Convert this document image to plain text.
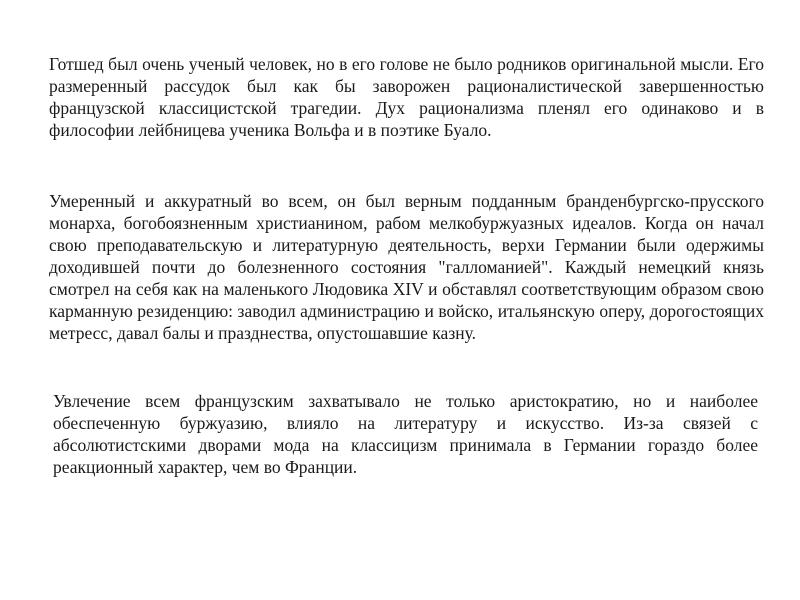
Готшед был очень ученый человек, но в его голове не было родников оригинальной мысли. Его размеренный рассудок был как бы заворожен рационалистической завершенностью французской классицистской трагедии. Дух рационализма пленял его одинаково и в философии лейбницева ученика Вольфа и в поэтике Буало.

Умеренный и аккуратный во всем, он был верным подданным бранденбургско-прусского монарха, богобоязненным христианином, рабом мелкобуржуазных идеалов. Когда он начал свою преподавательскую и литературную деятельность, верхи Германии были одержимы доходившей почти до болезненного состояния "галломанией". Каждый немецкий князь смотрел на себя как на маленького Людовика XIV и обставлял соответствующим образом свою карманную резиденцию: заводил администрацию и войско, итальянскую оперу, дорогостоящих метресс, давал балы и празднества, опустошавшие казну.

Увлечение всем французским захватывало не только аристократию, но и наиболее обеспеченную буржуазию, влияло на литературу и искусство. Из-за связей с абсолютистскими дворами мода на классицизм принимала в Германии гораздо более реакционный характер, чем во Франции.
